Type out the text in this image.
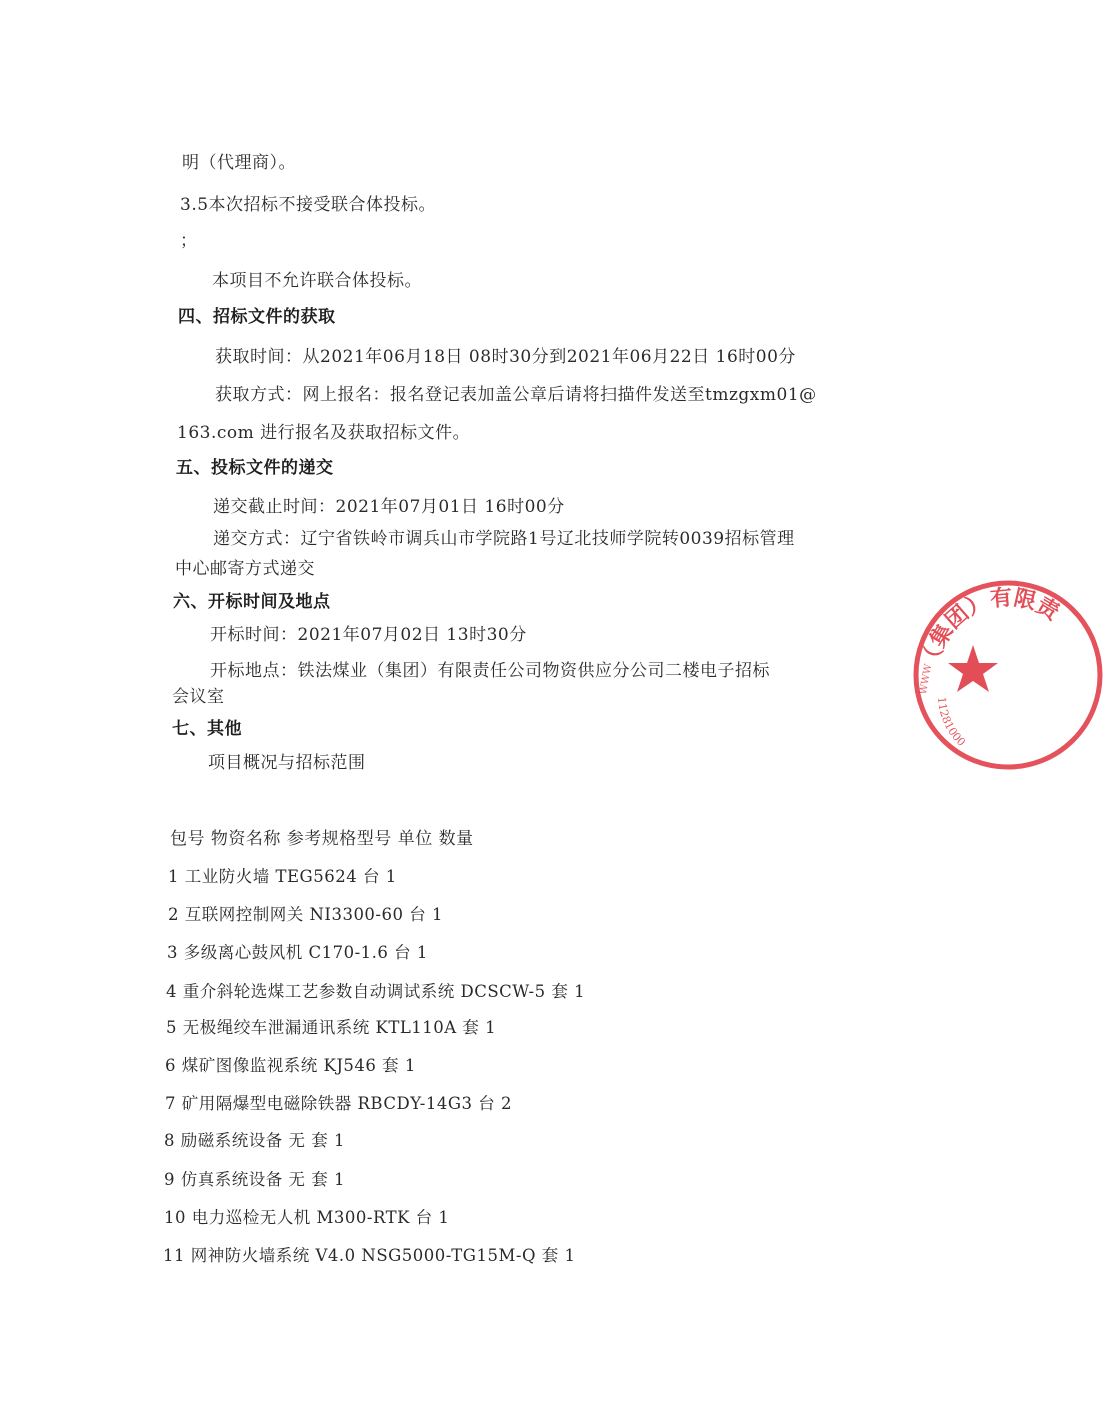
明（代理商）。
3.5本次招标不接受联合体投标。
；
本项目不允许联合体投标。
四、招标文件的获取
获取时间：从2021年06月18日 08时30分到2021年06月22日 16时00分
获取方式：网上报名：报名登记表加盖公章后请将扫描件发送至tmzgxm01@
163.com 进行报名及获取招标文件。
五、投标文件的递交
递交截止时间：2021年07月01日 16时00分
递交方式：辽宁省铁岭市调兵山市学院路1号辽北技师学院转0039招标管理
中心邮寄方式递交
六、开标时间及地点
开标时间：2021年07月02日 13时30分
开标地点：铁法煤业（集团）有限责任公司物资供应分公司二楼电子招标
会议室
七、其他
项目概况与招标范围
包号 物资名称 参考规格型号 单位 数量
1 工业防火墙 TEG5624 台 1
2 互联网控制网关 NI3300-60 台 1
3 多级离心鼓风机 C170-1.6 台 1
4 重介斜轮选煤工艺参数自动调试系统 DCSCW-5 套 1
5 无极绳绞车泄漏通讯系统 KTL110A 套 1
6 煤矿图像监视系统 KJ546 套 1
7 矿用隔爆型电磁除铁器 RBCDY-14G3 台 2
8 励磁系统设备 无 套 1
9 仿真系统设备 无 套 1
10 电力巡检无人机 M300-RTK 台 1
11 网神防火墙系统 V4.0 NSG5000-TG15M-Q 套 1
（集团）有限责
11281000
WWW
